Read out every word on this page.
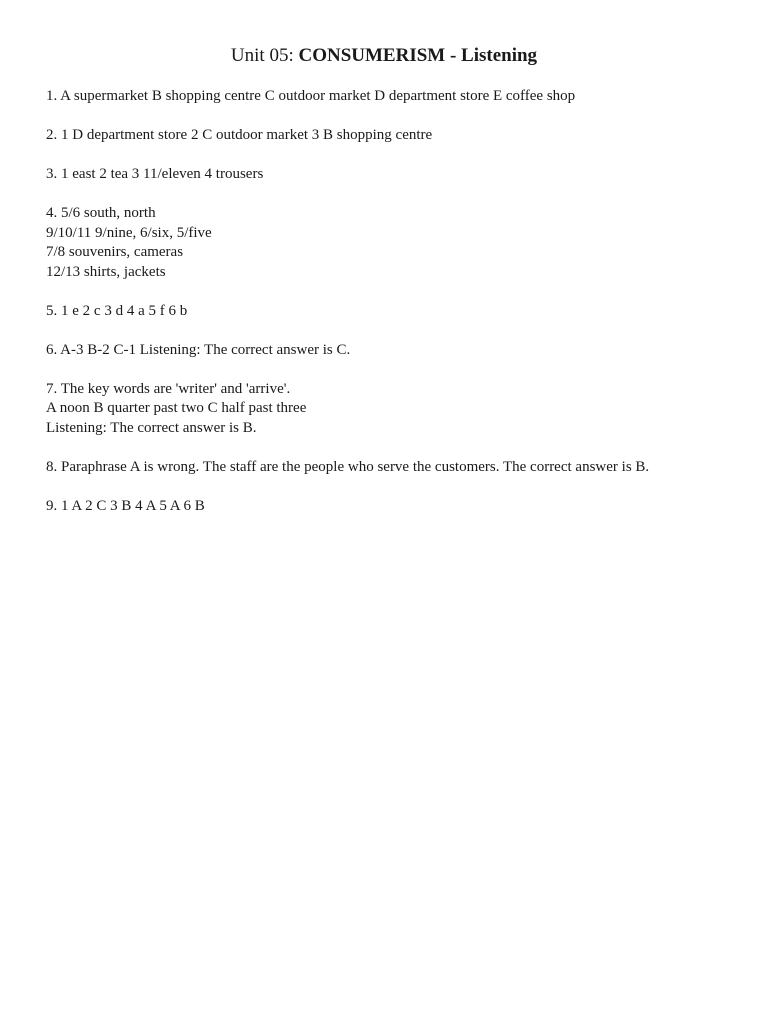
Unit 05: CONSUMERISM - Listening
1. A supermarket B shopping centre C outdoor market D department store E coffee shop
2. 1 D department store 2 C outdoor market 3 B shopping centre
3. 1 east 2 tea 3 11/eleven 4 trousers
4. 5/6 south, north
9/10/11 9/nine, 6/six, 5/five
7/8 souvenirs, cameras
12/13 shirts, jackets
5. 1 e 2 c 3 d 4 a 5 f 6 b
6. A-3 B-2 C-1 Listening: The correct answer is C.
7. The key words are 'writer' and 'arrive'.
A noon B quarter past two C half past three
Listening: The correct answer is B.
8. Paraphrase A is wrong. The staff are the people who serve the customers. The correct answer is B.
9. 1 A 2 C 3 B 4 A 5 A 6 B
